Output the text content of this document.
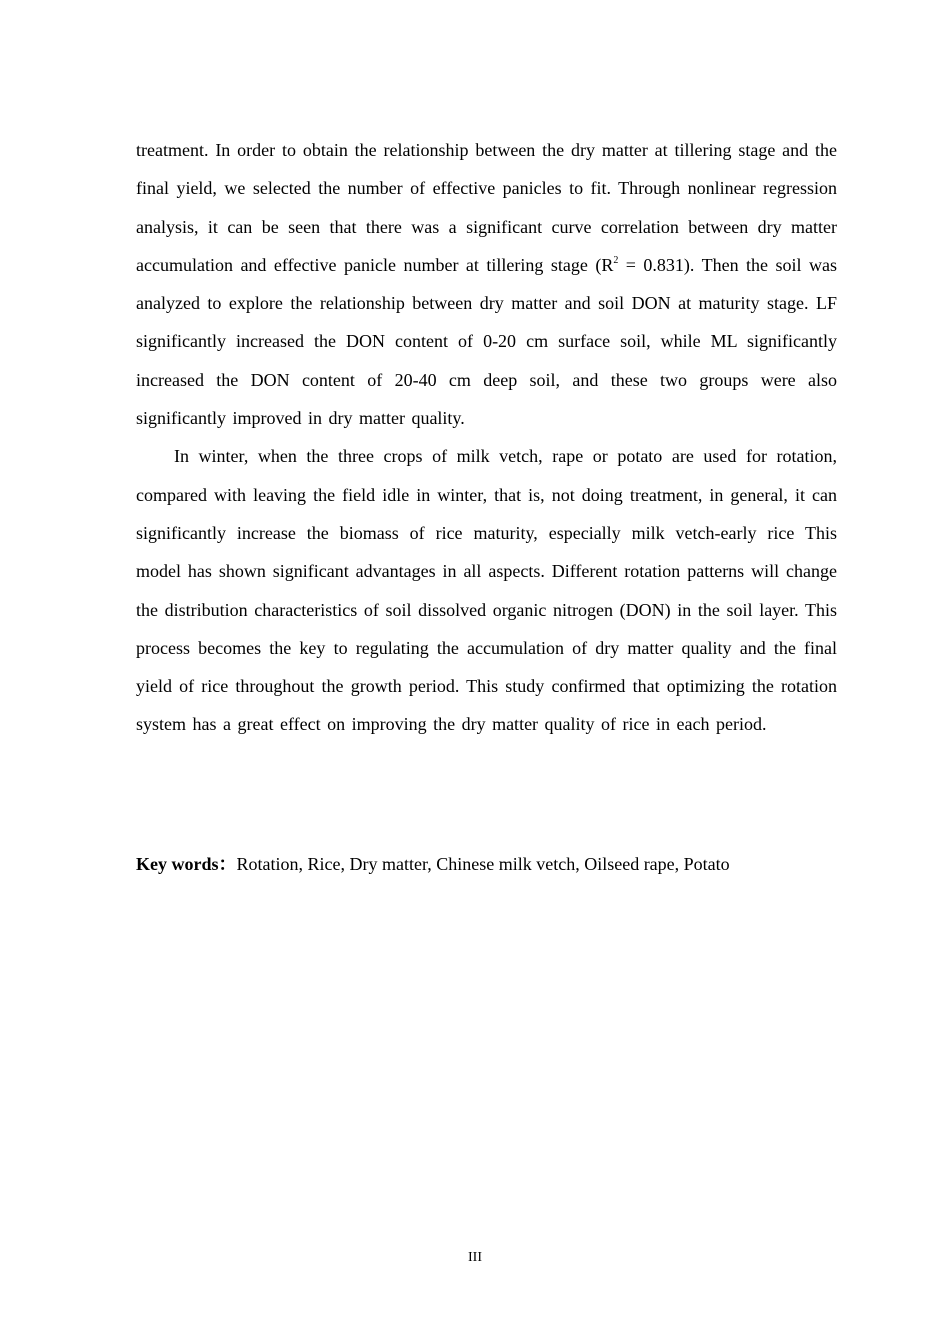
treatment. In order to obtain the relationship between the dry matter at tillering stage and the final yield, we selected the number of effective panicles to fit. Through nonlinear regression analysis, it can be seen that there was a significant curve correlation between dry matter accumulation and effective panicle number at tillering stage $(R^2 = 0.831)$. Then the soil was analyzed to explore the relationship between dry matter and soil DON at maturity stage. LF significantly increased the DON content of 0-20 cm surface soil, while ML significantly increased the DON content of 20-40 cm deep soil, and these two groups were also significantly improved in dry matter quality.

In winter, when the three crops of milk vetch, rape or potato are used for rotation, compared with leaving the field idle in winter, that is, not doing treatment, in general, it can significantly increase the biomass of rice maturity, especially milk vetch-early rice This model has shown significant advantages in all aspects. Different rotation patterns will change the distribution characteristics of soil dissolved organic nitrogen (DON) in the soil layer. This process becomes the key to regulating the accumulation of dry matter quality and the final yield of rice throughout the growth period. This study confirmed that optimizing the rotation system has a great effect on improving the dry matter quality of rice in each period.

Key words：Rotation, Rice, Dry matter, Chinese milk vetch, Oilseed rape, Potato
III
